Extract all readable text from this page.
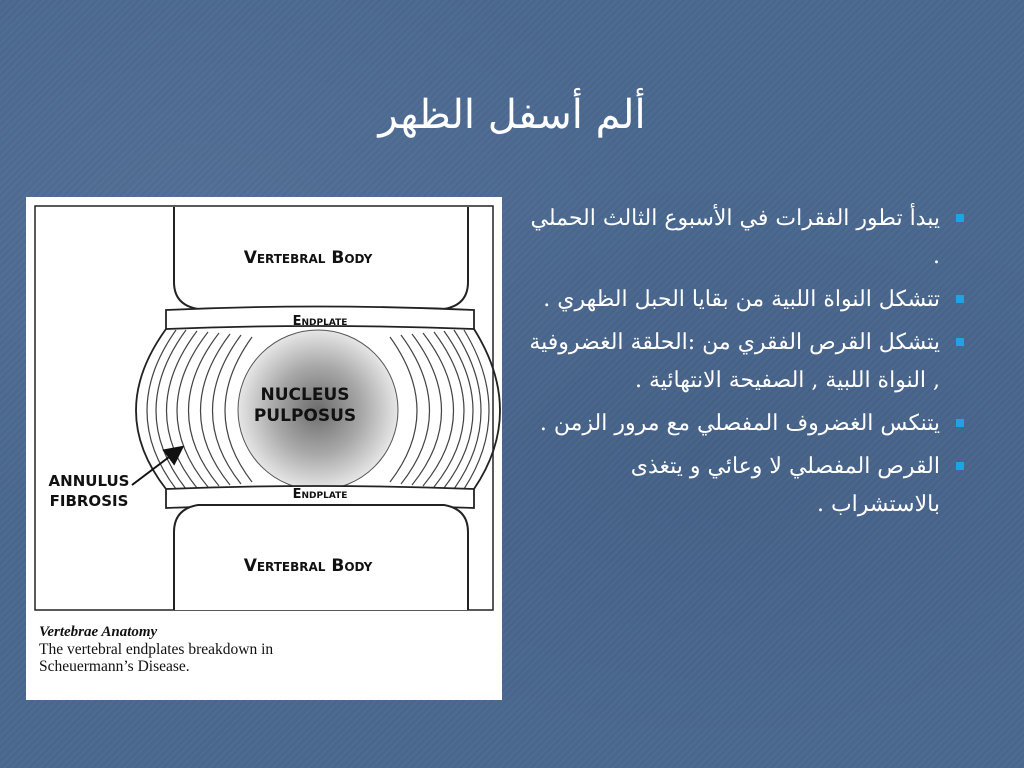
ألم أسفل الظهر
Vertebral Body
Endplate
NUCLEUS
PULPOSUS
ANNULUS
FIBROSIS	Endplate
Vertebral Body
Vertebrae Anatomy
The vertebral endplates breakdown in
Scheuermann’s Disease.
يبدأ تطور الفقرات في الأسبوع الثالث الحملي .
تتشكل النواة اللبية من بقايا الحبل الظهري .
يتشكل القرص الفقري من :الحلقة الغضروفية , النواة اللبية , الصفيحة الانتهائية .
يتنكس الغضروف المفصلي مع مرور الزمن .
القرص المفصلي لا وعائي و يتغذى بالاستشراب .
